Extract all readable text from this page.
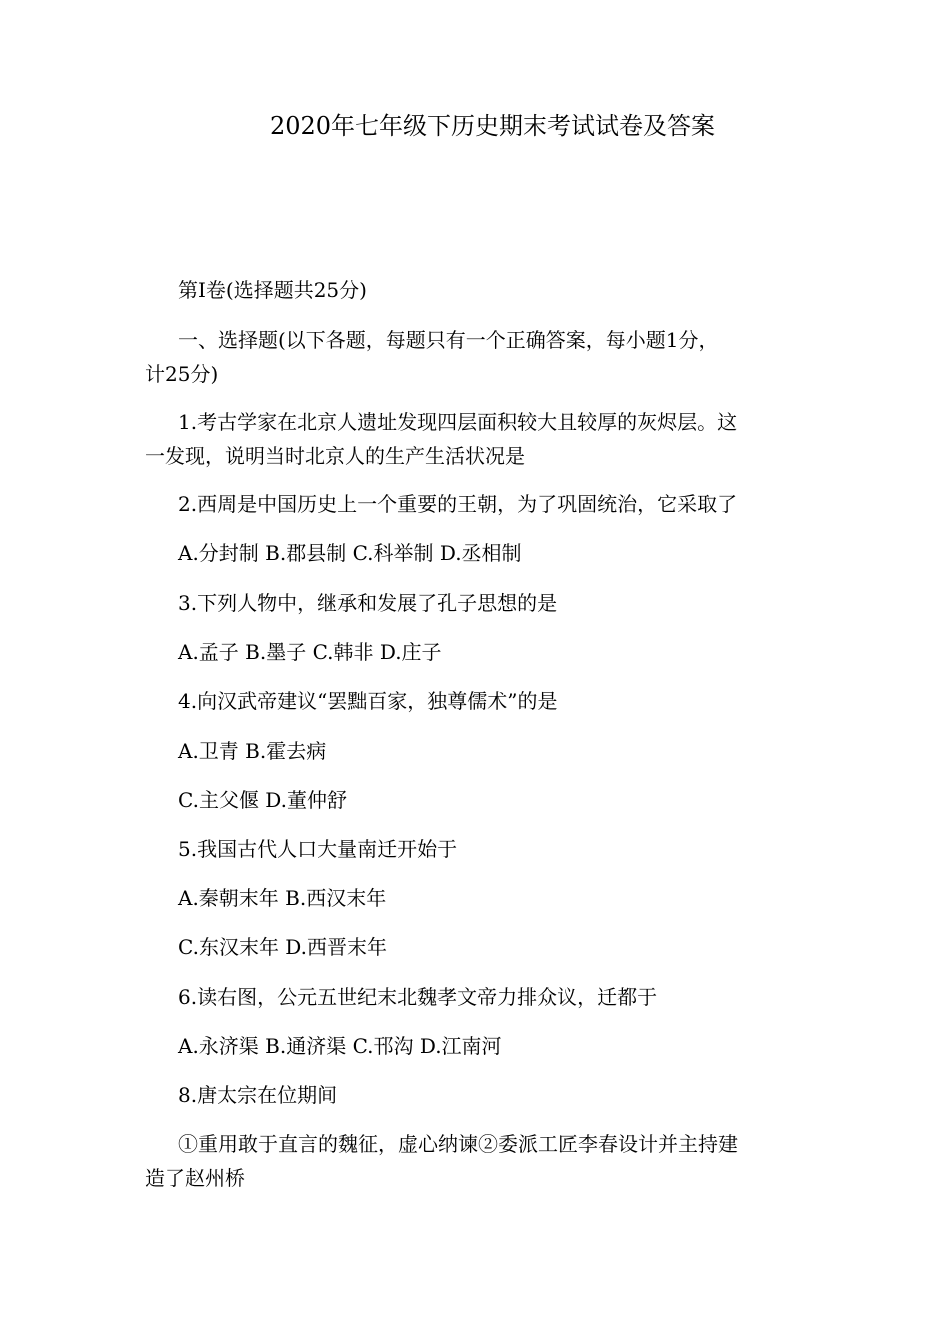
2020年七年级下历史期末考试试卷及答案

第Ⅰ卷(选择题共25分)

一、选择题(以下各题，每题只有一个正确答案，每小题1分，

计25分)

1.考古学家在北京人遗址发现四层面积较大且较厚的灰烬层。这

一发现，说明当时北京人的生产生活状况是

2.西周是中国历史上一个重要的王朝，为了巩固统治，它采取了

A.分封制 B.郡县制 C.科举制 D.丞相制

3.下列人物中，继承和发展了孔子思想的是

A.孟子 B.墨子 C.韩非 D.庄子

4.向汉武帝建议“罢黜百家，独尊儒术”的是

A.卫青 B.霍去病

C.主父偃 D.董仲舒

5.我国古代人口大量南迁开始于

A.秦朝末年 B.西汉末年

C.东汉末年 D.西晋末年

6.读右图，公元五世纪末北魏孝文帝力排众议，迁都于

A.永济渠 B.通济渠 C.邗沟 D.江南河

8.唐太宗在位期间

①重用敢于直言的魏征，虚心纳谏②委派工匠李春设计并主持建

造了赵州桥
